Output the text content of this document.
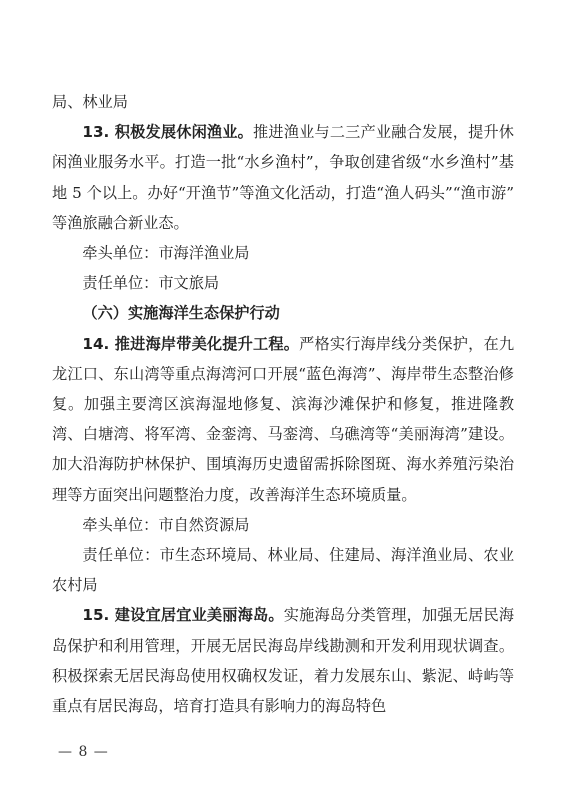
局、林业局

13. 积极发展休闲渔业。推进渔业与二三产业融合发展，提升休闲渔业服务水平。打造一批“水乡渔村”，争取创建省级“水乡渔村”基地 5 个以上。办好“开渔节”等渔文化活动，打造“渔人码头”“渔市游” 等渔旅融合新业态。

牵头单位：市海洋渔业局

责任单位：市文旅局

（六）实施海洋生态保护行动

14. 推进海岸带美化提升工程。严格实行海岸线分类保护，在九龙江口、东山湾等重点海湾河口开展“蓝色海湾”、海岸带生态整治修复。加强主要湾区滨海湿地修复、滨海沙滩保护和修复，推进隆教湾、白塘湾、将军湾、金銮湾、马銮湾、乌礁湾等“美丽海湾”建设。加大沿海防护林保护、围填海历史遗留需拆除图斑、海水养殖污染治理等方面突出问题整治力度，改善海洋生态环境质量。

牵头单位：市自然资源局

责任单位：市生态环境局、林业局、住建局、海洋渔业局、农业农村局

15. 建设宜居宜业美丽海岛。实施海岛分类管理，加强无居民海岛保护和利用管理，开展无居民海岛岸线勘测和开发利用现状调查。积极探索无居民海岛使用权确权发证，着力发展东山、紫泥、峙屿等重点有居民海岛，培育打造具有影响力的海岛特色

— 8 —
